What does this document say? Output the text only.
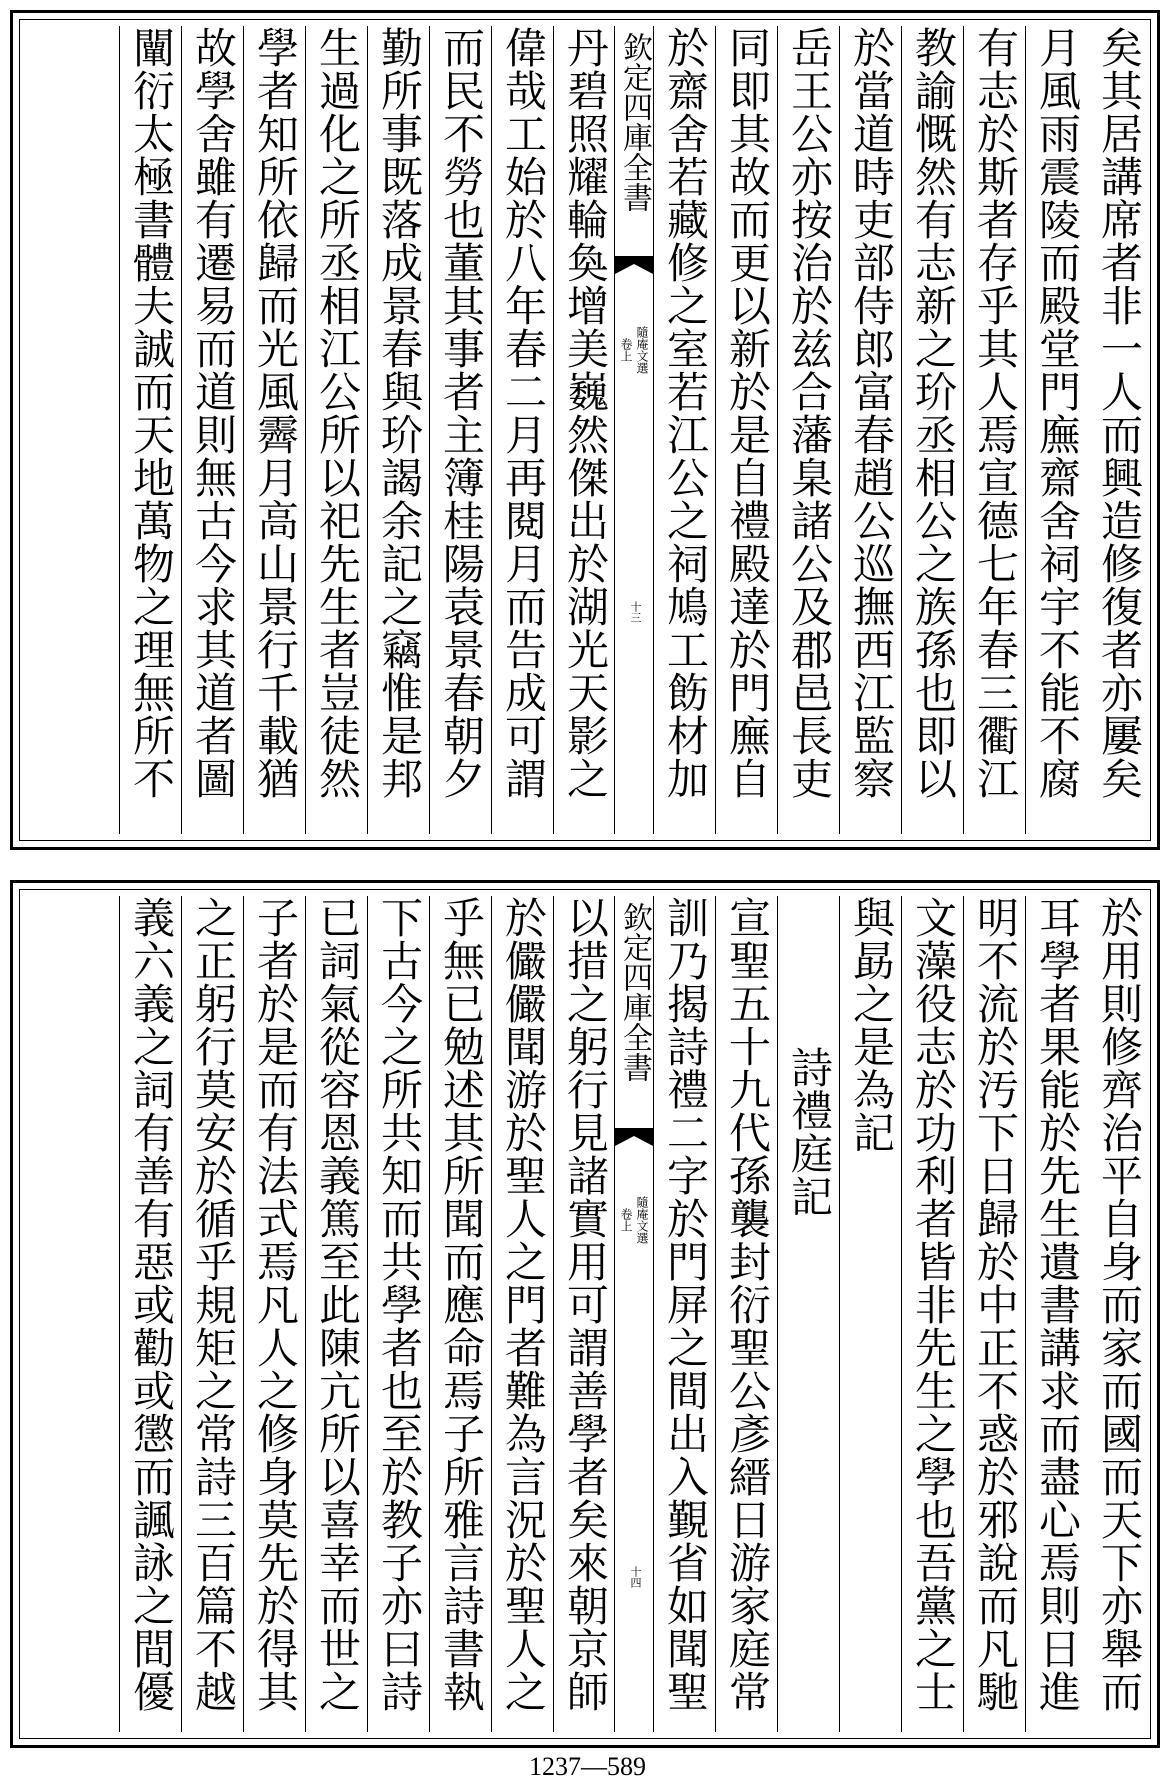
矣其居講席者非一人而興造修復者亦屢矣
月風雨震陵而殿堂門廡齋舍祠宇不能不腐
有志於斯者存乎其人焉宣德七年春三衢江
教諭慨然有志新之玠丞相公之族孫也即以
於當道時吏部侍郎富春趙公巡撫西江監察
岳王公亦按治於兹合藩臬諸公及郡邑長吏
同即其故而更以新於是自禮殿達於門廡自
於齋舍若藏修之室若江公之祠鳩工飭材加
欽定四庫全書
隨庵文選
卷上
十三
丹碧照耀輪奐增美巍然傑出於湖光天影之
偉哉工始於八年春二月再閱月而告成可謂
而民不勞也董其事者主簿桂陽袁景春朝夕
勤所事既落成景春與玠謁余記之竊惟是邦
生過化之所丞相江公所以祀先生者豈徒然
學者知所依歸而光風霽月高山景行千載猶
故學舍雖有遷易而道則無古今求其道者圖
闡衍太極書體夫誠而天地萬物之理無所不
於用則修齊治平自身而家而國而天下亦舉而
耳學者果能於先生遺書講求而盡心焉則日進
明不流於汚下日歸於中正不惑於邪說而凡馳
文藻役志於功利者皆非先生之學也吾黨之士
與勗之是為記
詩禮庭記
宣聖五十九代孫襲封衍聖公彥縉日游家庭常
訓乃揭詩禮二字於門屏之間出入覲省如聞聖
欽定四庫全書
隨庵文選
卷上
十四
以措之躬行見諸實用可謂善學者矣來朝京師
於儼儼聞游於聖人之門者難為言況於聖人之
乎無已勉述其所聞而應命焉子所雅言詩書執
下古今之所共知而共學者也至於教子亦曰詩
已詞氣從容恩義篤至此陳亢所以喜幸而世之
子者於是而有法式焉凡人之修身莫先於得其
之正躬行莫安於循乎規矩之常詩三百篇不越
義六義之詞有善有惡或勸或懲而諷詠之間優
1237—589
